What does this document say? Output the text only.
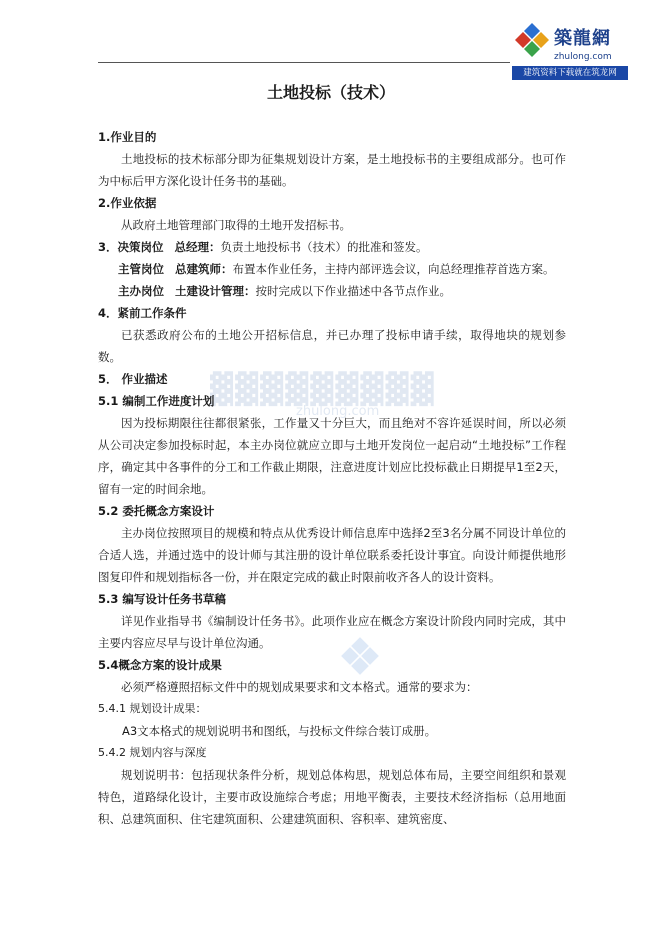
築龍網
zhulong.com
建筑资料下载就在筑龙网
土地投标（技术）
▓▓▓▓▓▓▓▓▓
zhulong.com
1.作业目的
土地投标的技术标部分即为征集规划设计方案，是土地投标书的主要组成部分。也可作为中标后甲方深化设计任务书的基础。
2.作业依据
从政府土地管理部门取得的土地开发招标书。
3．决策岗位 总经理：负责土地投标书（技术）的批准和签发。
主管岗位 总建筑师：布置本作业任务，主持内部评选会议，向总经理推荐首选方案。
主办岗位 土建设计管理：按时完成以下作业描述中各节点作业。
4．紧前工作条件
已获悉政府公布的土地公开招标信息，并已办理了投标申请手续，取得地块的规划参数。
5． 作业描述
5.1 编制工作进度计划
因为投标期限往往都很紧张，工作量又十分巨大，而且绝对不容许延误时间，所以必须从公司决定参加投标时起，本主办岗位就应立即与土地开发岗位一起启动“土地投标”工作程序，确定其中各事件的分工和工作截止期限，注意进度计划应比投标截止日期提早1至2天，留有一定的时间余地。
5.2 委托概念方案设计
主办岗位按照项目的规模和特点从优秀设计师信息库中选择2至3名分属不同设计单位的合适人选，并通过选中的设计师与其注册的设计单位联系委托设计事宜。向设计师提供地形图复印件和规划指标各一份，并在限定完成的截止时限前收齐各人的设计资料。
5.3 编写设计任务书草稿
详见作业指导书《编制设计任务书》。此项作业应在概念方案设计阶段内同时完成，其中主要内容应尽早与设计单位沟通。
5.4概念方案的设计成果
必须严格遵照招标文件中的规划成果要求和文本格式。通常的要求为：
5.4.1 规划设计成果：
A3文本格式的规划说明书和图纸，与投标文件综合装订成册。
5.4.2 规划内容与深度
规划说明书：包括现状条件分析，规划总体构思，规划总体布局，主要空间组织和景观特色，道路绿化设计，主要市政设施综合考虑；用地平衡表，主要技术经济指标（总用地面积、总建筑面积、住宅建筑面积、公建建筑面积、容积率、建筑密度、
